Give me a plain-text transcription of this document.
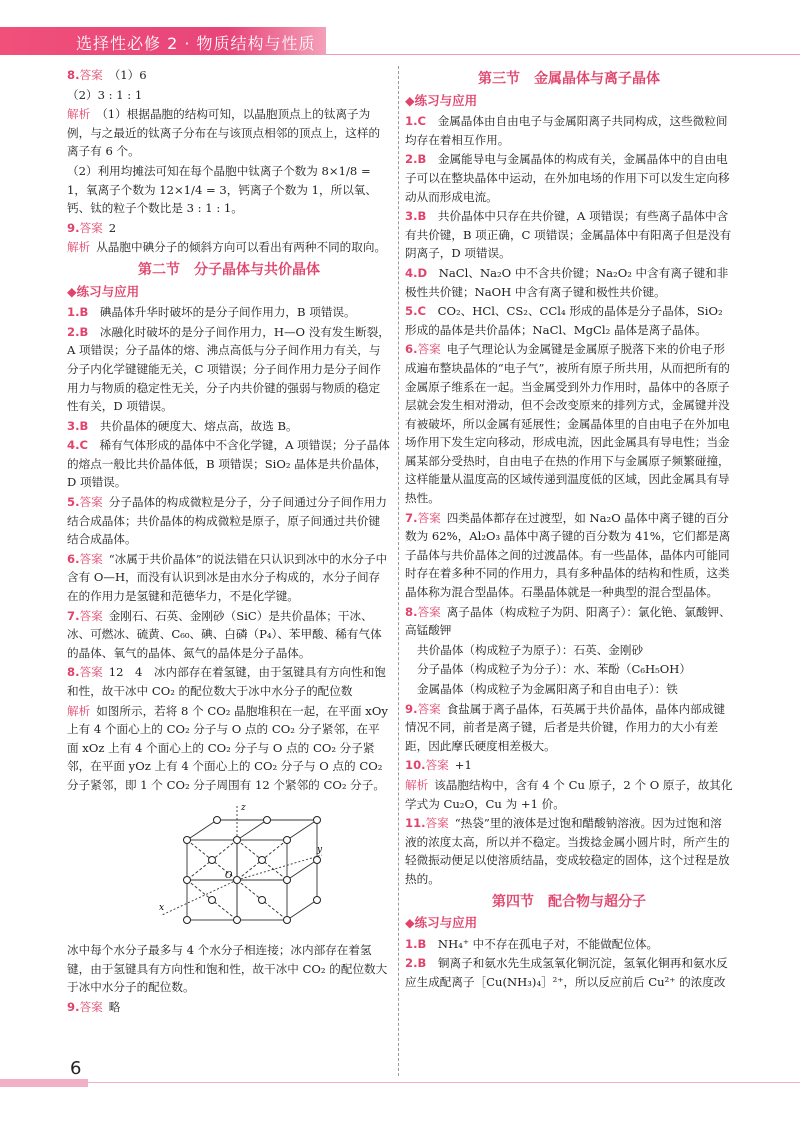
选择性必修 2 · 物质结构与性质
8.答案 （1）6
（2）3 : 1 : 1
解析 （1）根据晶胞的结构可知，以晶胞顶点上的钛离子为例，与之最近的钛离子分布在与该顶点相邻的顶点上，这样的离子有 6 个。
（2）利用均摊法可知在每个晶胞中钛离子个数为 8×1/8 = 1，氧离子个数为 12×1/4 = 3，钙离子个数为 1，所以氧、钙、钛的粒子个数比是 3 : 1 : 1。
9.答案 2
解析 从晶胞中碘分子的倾斜方向可以看出有两种不同的取向。
第二节　分子晶体与共价晶体
◆练习与应用
1.B　 碘晶体升华时破坏的是分子间作用力，B 项错误。
2.B　 冰融化时破坏的是分子间作用力，H—O 没有发生断裂，A 项错误；分子晶体的熔、沸点高低与分子间作用力有关，与分子内化学键键能无关，C 项错误；分子间作用力是分子间作用力与物质的稳定性无关，分子内共价键的强弱与物质的稳定性有关，D 项错误。
3.B　 共价晶体的硬度大、熔点高，故选 B。
4.C　 稀有气体形成的晶体中不含化学键，A 项错误；分子晶体的熔点一般比共价晶体低，B 项错误；SiO₂ 晶体是共价晶体，D 项错误。
5.答案 分子晶体的构成微粒是分子，分子间通过分子间作用力结合成晶体；共价晶体的构成微粒是原子，原子间通过共价键结合成晶体。
6.答案 “冰属于共价晶体”的说法错在只认识到冰中的水分子中含有 O—H，而没有认识到冰是由水分子构成的，水分子间存在的作用力是氢键和范德华力，不是化学键。
7.答案 金刚石、石英、金刚砂（SiC）是共价晶体；干冰、冰、可燃冰、硫黄、C₆₀、碘、白磷（P₄）、苯甲酸、稀有气体的晶体、氧气的晶体、氮气的晶体是分子晶体。
8.答案 12　4　冰内部存在着氢键，由于氢键具有方向性和饱和性，故干冰中 CO₂ 的配位数大于冰中水分子的配位数
解析 如图所示，若将 8 个 CO₂ 晶胞堆积在一起，在平面 xOy 上有 4 个面心上的 CO₂ 分子与 O 点的 CO₂ 分子紧邻，在平面 xOz 上有 4 个面心上的 CO₂ 分子与 O 点的 CO₂ 分子紧邻，在平面 yOz 上有 4 个面心上的 CO₂ 分子与 O 点的 CO₂ 分子紧邻，即 1 个 CO₂ 分子周围有 12 个紧邻的 CO₂ 分子。
z
y
x
O
冰中每个水分子最多与 4 个水分子相连接；冰内部存在着氢键，由于氢键具有方向性和饱和性，故干冰中 CO₂ 的配位数大于冰中水分子的配位数。
9.答案 略
第三节　金属晶体与离子晶体
◆练习与应用
1.C　 金属晶体由自由电子与金属阳离子共同构成，这些微粒间均存在着相互作用。
2.B　 金属能导电与金属晶体的构成有关，金属晶体中的自由电子可以在整块晶体中运动，在外加电场的作用下可以发生定向移动从而形成电流。
3.B　 共价晶体中只存在共价键，A 项错误；有些离子晶体中含有共价键，B 项正确，C 项错误；金属晶体中有阳离子但是没有阴离子，D 项错误。
4.D　 NaCl、Na₂O 中不含共价键；Na₂O₂ 中含有离子键和非极性共价键；NaOH 中含有离子键和极性共价键。
5.C　 CO₂、HCl、CS₂、CCl₄ 形成的晶体是分子晶体，SiO₂ 形成的晶体是共价晶体；NaCl、MgCl₂ 晶体是离子晶体。
6.答案 电子气理论认为金属键是金属原子脱落下来的价电子形成遍布整块晶体的“电子气”，被所有原子所共用，从而把所有的金属原子维系在一起。当金属受到外力作用时，晶体中的各原子层就会发生相对滑动，但不会改变原来的排列方式，金属键并没有被破坏，所以金属有延展性；金属晶体里的自由电子在外加电场作用下发生定向移动，形成电流，因此金属具有导电性；当金属某部分受热时，自由电子在热的作用下与金属原子频繁碰撞，这样能量从温度高的区域传递到温度低的区域，因此金属具有导热性。
7.答案 四类晶体都存在过渡型，如 Na₂O 晶体中离子键的百分数为 62%，Al₂O₃ 晶体中离子键的百分数为 41%，它们都是离子晶体与共价晶体之间的过渡晶体。有一些晶体，晶体内可能同时存在着多种不同的作用力，具有多种晶体的结构和性质，这类晶体称为混合型晶体。石墨晶体就是一种典型的混合型晶体。
8.答案 离子晶体（构成粒子为阴、阳离子）：氯化铯、氯酸钾、高锰酸钾
共价晶体（构成粒子为原子）：石英、金刚砂
分子晶体（构成粒子为分子）：水、苯酚（C₆H₅OH）
金属晶体（构成粒子为金属阳离子和自由电子）：铁
9.答案 食盐属于离子晶体，石英属于共价晶体，晶体内部成键情况不同，前者是离子键，后者是共价键，作用力的大小有差距，因此摩氏硬度相差极大。
10.答案 +1
解析 该晶胞结构中，含有 4 个 Cu 原子，2 个 O 原子，故其化学式为 Cu₂O，Cu 为 +1 价。
11.答案 “热袋”里的液体是过饱和醋酸钠溶液。因为过饱和溶液的浓度太高，所以并不稳定。当拨捻金属小圆片时，所产生的轻微振动便足以使溶质结晶，变成较稳定的固体，这个过程是放热的。
第四节　配合物与超分子
◆练习与应用
1.B　 NH₄⁺ 中不存在孤电子对，不能做配位体。
2.B　 铜离子和氨水先生成氢氧化铜沉淀，氢氧化铜再和氨水反应生成配离子［Cu(NH₃)₄］²⁺，所以反应前后 Cu²⁺ 的浓度改
6
